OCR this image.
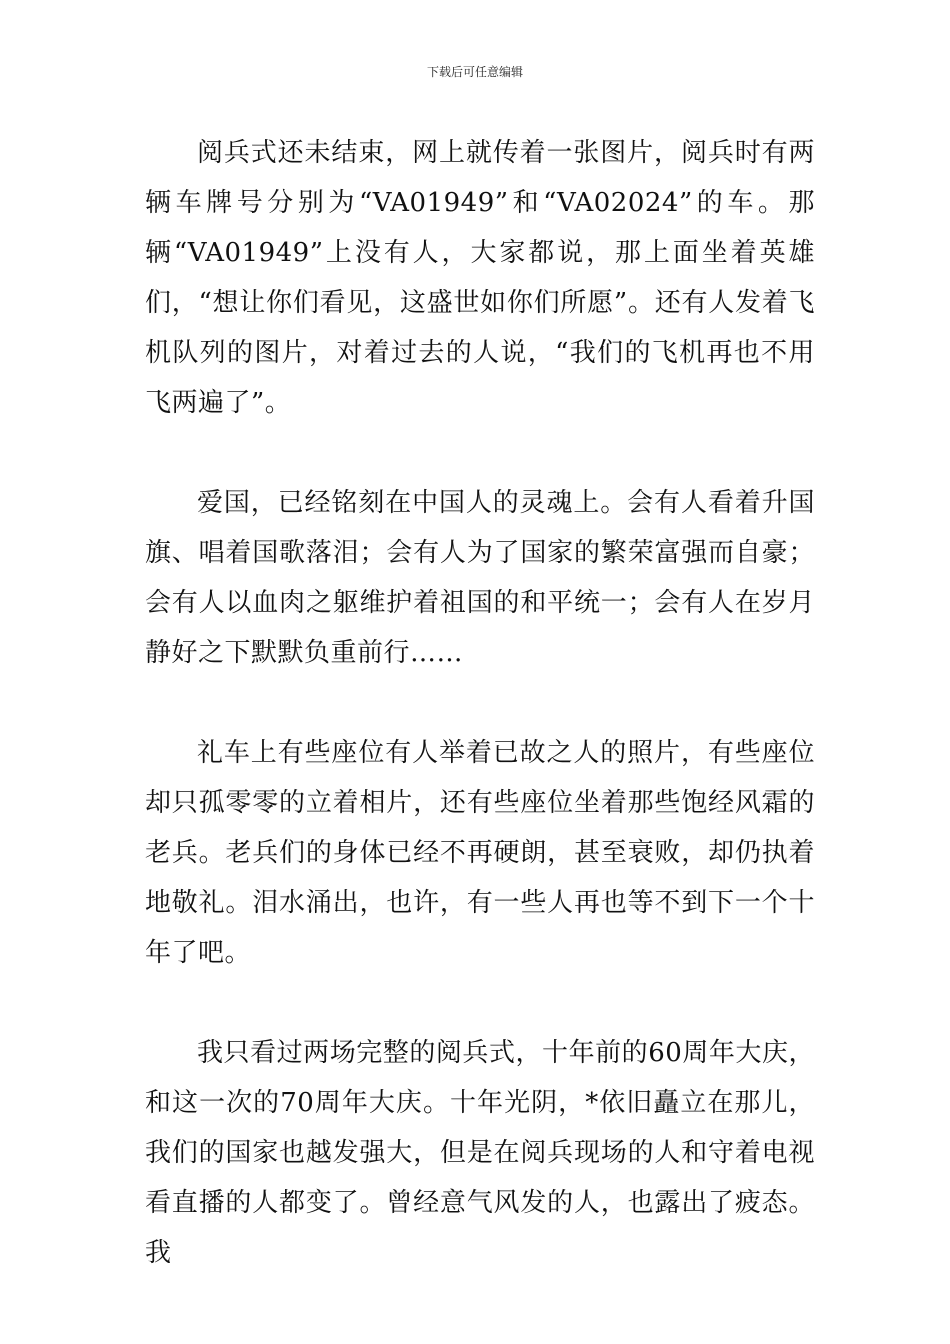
下载后可任意编辑

阅兵式还未结束，网上就传着一张图片，阅兵时有两辆车牌号分别为“VA01949”和“VA02024”的车。那辆“VA01949”上没有人，大家都说，那上面坐着英雄们，“想让你们看见，这盛世如你们所愿”。还有人发着飞机队列的图片，对着过去的人说，“我们的飞机再也不用飞两遍了”。

爱国，已经铭刻在中国人的灵魂上。会有人看着升国旗、唱着国歌落泪；会有人为了国家的繁荣富强而自豪；会有人以血肉之躯维护着祖国的和平统一；会有人在岁月静好之下默默负重前行……

礼车上有些座位有人举着已故之人的照片，有些座位却只孤零零的立着相片，还有些座位坐着那些饱经风霜的老兵。老兵们的身体已经不再硬朗，甚至衰败，却仍执着地敬礼。泪水涌出，也许，有一些人再也等不到下一个十年了吧。

我只看过两场完整的阅兵式，十年前的60周年大庆，和这一次的70周年大庆。十年光阴，*依旧矗立在那儿，我们的国家也越发强大，但是在阅兵现场的人和守着电视看直播的人都变了。曾经意气风发的人，也露出了疲态。我
